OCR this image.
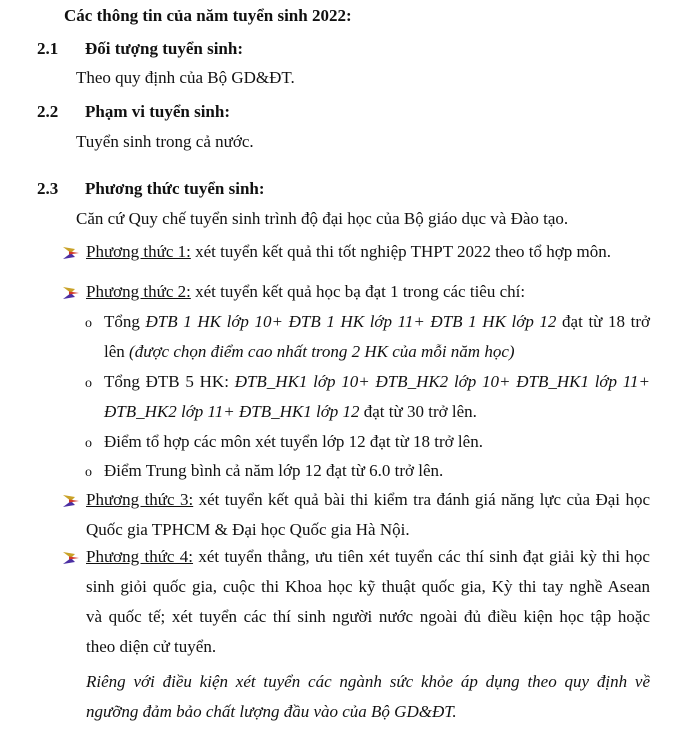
Các thông tin của năm tuyển sinh 2022:
2.1 Đối tượng tuyển sinh:
Theo quy định của Bộ GD&ĐT.
2.2 Phạm vi tuyển sinh:
Tuyển sinh trong cả nước.
2.3 Phương thức tuyển sinh:
Căn cứ Quy chế tuyển sinh trình độ đại học của Bộ giáo dục và Đào tạo.
Phương thức 1: xét tuyển kết quả thi tốt nghiệp THPT 2022 theo tổ hợp môn.
Phương thức 2: xét tuyển kết quả học bạ đạt 1 trong các tiêu chí:
o Tổng ĐTB 1 HK lớp 10+ ĐTB 1 HK lớp 11+ ĐTB 1 HK lớp 12 đạt từ 18 trở
lên (được chọn điểm cao nhất trong 2 HK của mỗi năm học)
o Tổng ĐTB 5 HK: ĐTB_HK1 lớp 10+ ĐTB_HK2 lớp 10+ ĐTB_HK1 lớp 11+
ĐTB_HK2 lớp 11+ ĐTB_HK1 lớp 12 đạt từ 30 trở lên.
o Điểm tổ hợp các môn xét tuyển lớp 12 đạt từ 18 trở lên.
o Điểm Trung bình cả năm lớp 12 đạt từ 6.0 trở lên.
Phương thức 3: xét tuyển kết quả bài thi kiểm tra đánh giá năng lực của Đại học
Quốc gia TPHCM & Đại học Quốc gia Hà Nội.
Phương thức 4: xét tuyển thẳng, ưu tiên xét tuyển các thí sinh đạt giải kỳ thi học
sinh giỏi quốc gia, cuộc thi Khoa học kỹ thuật quốc gia, Kỳ thi tay nghề Asean
và quốc tế; xét tuyển các thí sinh người nước ngoài đủ điều kiện học tập hoặc
theo diện cử tuyển.
Riêng với điều kiện xét tuyển các ngành sức khỏe áp dụng theo quy định về
ngưỡng đảm bảo chất lượng đầu vào của Bộ GD&ĐT.
